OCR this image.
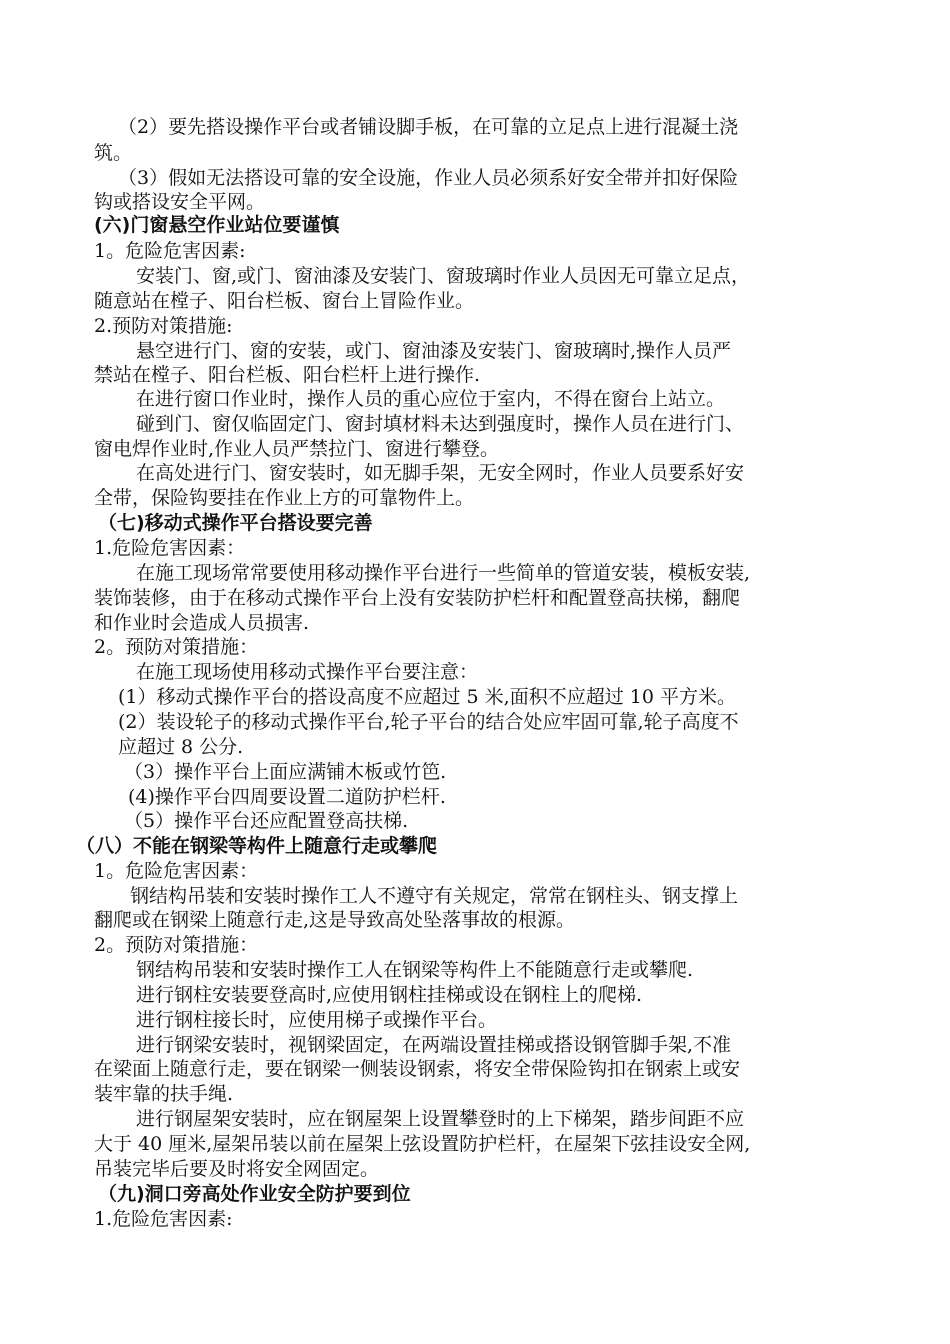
（2）要先搭设操作平台或者铺设脚手板，在可靠的立足点上进行混凝土浇
筑。
（3）假如无法搭设可靠的安全设施，作业人员必须系好安全带并扣好保险
钩或搭设安全平网。
(六)门窗悬空作业站位要谨慎
1。危险危害因素:
安装门、窗,或门、窗油漆及安装门、窗玻璃时作业人员因无可靠立足点，
随意站在樘子、阳台栏板、窗台上冒险作业。
2.预防对策措施:
悬空进行门、窗的安装，或门、窗油漆及安装门、窗玻璃时,操作人员严
禁站在樘子、阳台栏板、阳台栏杆上进行操作.
在进行窗口作业时，操作人员的重心应位于室内，不得在窗台上站立。
碰到门、窗仅临固定门、窗封填材料未达到强度时，操作人员在进行门、
窗电焊作业时,作业人员严禁拉门、窗进行攀登。
在高处进行门、窗安装时，如无脚手架，无安全网时，作业人员要系好安
全带，保险钩要挂在作业上方的可靠物件上。
（七)移动式操作平台搭设要完善
1.危险危害因素：
在施工现场常常要使用移动操作平台进行一些简单的管道安装，模板安装,
装饰装修，由于在移动式操作平台上没有安装防护栏杆和配置登高扶梯，翻爬
和作业时会造成人员损害.
2。预防对策措施：
在施工现场使用移动式操作平台要注意：
(1）移动式操作平台的搭设高度不应超过 5 米,面积不应超过 10 平方米。
(2）装设轮子的移动式操作平台,轮子平台的结合处应牢固可靠,轮子高度不
应超过 8 公分.
（3）操作平台上面应满铺木板或竹笆.
(4)操作平台四周要设置二道防护栏杆.
（5）操作平台还应配置登高扶梯.
（八）不能在钢梁等构件上随意行走或攀爬
1。危险危害因素：
钢结构吊装和安装时操作工人不遵守有关规定，常常在钢柱头、钢支撑上
翻爬或在钢梁上随意行走,这是导致高处坠落事故的根源。
2。预防对策措施：
钢结构吊装和安装时操作工人在钢梁等构件上不能随意行走或攀爬.
进行钢柱安装要登高时,应使用钢柱挂梯或设在钢柱上的爬梯.
进行钢柱接长时，应使用梯子或操作平台。
进行钢梁安装时，视钢梁固定，在两端设置挂梯或搭设钢管脚手架,不准
在梁面上随意行走，要在钢梁一侧装设钢索，将安全带保险钩扣在钢索上或安
装牢靠的扶手绳.
进行钢屋架安装时，应在钢屋架上设置攀登时的上下梯架，踏步间距不应
大于 40 厘米,屋架吊装以前在屋架上弦设置防护栏杆，在屋架下弦挂设安全网,
吊装完毕后要及时将安全网固定。
（九)洞口旁高处作业安全防护要到位
1.危险危害因素:
